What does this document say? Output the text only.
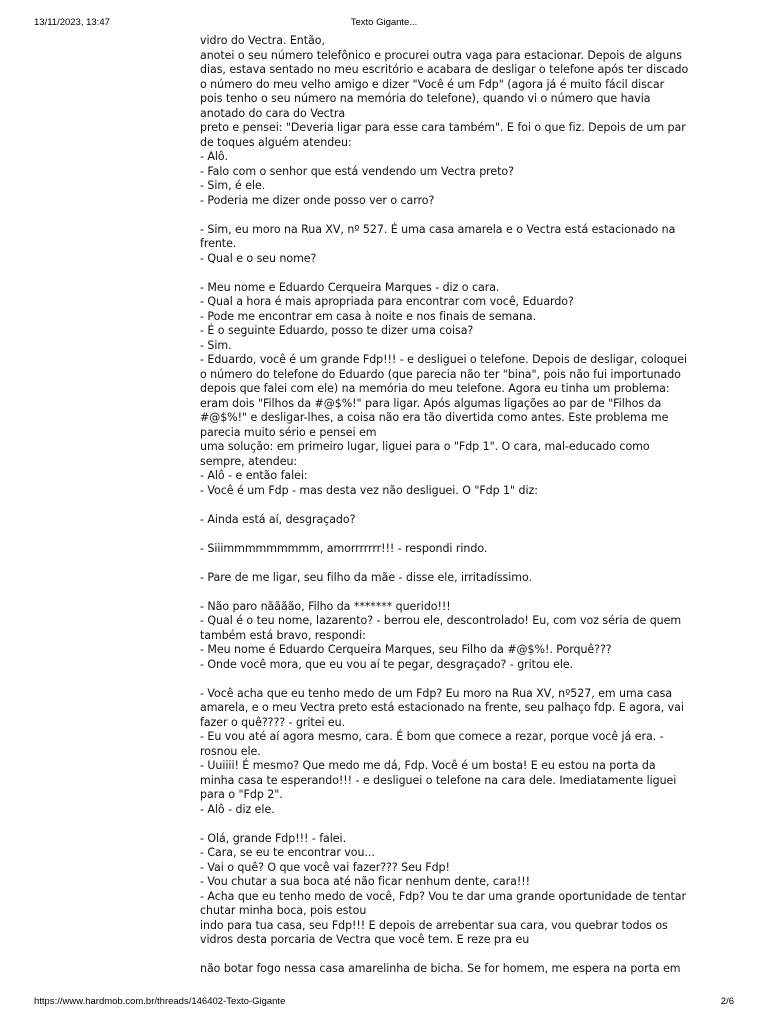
13/11/2023, 13:47	Texto Gigante...
vidro do Vectra. Então,
anotei o seu número telefônico e procurei outra vaga para estacionar. Depois de alguns
dias, estava sentado no meu escritório e acabara de desligar o telefone após ter discado
o número do meu velho amigo e dizer "Você é um Fdp" (agora já é muito fácil discar
pois tenho o seu número na memória do telefone), quando vi o número que havia
anotado do cara do Vectra
preto e pensei: "Deveria ligar para esse cara também". E foi o que fiz. Depois de um par
de toques alguém atendeu:
- Alô.
- Falo com o senhor que está vendendo um Vectra preto?
- Sim, é ele.
- Poderia me dizer onde posso ver o carro?
- Sim, eu moro na Rua XV, nº 527. É uma casa amarela e o Vectra está estacionado na
frente.
- Qual e o seu nome?
- Meu nome e Eduardo Cerqueira Marques - diz o cara.
- Qual a hora é mais apropriada para encontrar com você, Eduardo?
- Pode me encontrar em casa à noite e nos finais de semana.
- É o seguinte Eduardo, posso te dizer uma coisa?
- Sim.
- Eduardo, você é um grande Fdp!!! - e desliguei o telefone. Depois de desligar, coloquei
o número do telefone do Eduardo (que parecia não ter "bina", pois não fui importunado
depois que falei com ele) na memória do meu telefone. Agora eu tinha um problema:
eram dois "Filhos da #@$%!" para ligar. Após algumas ligações ao par de "Filhos da
#@$%!" e desligar-lhes, a coisa não era tão divertida como antes. Este problema me
parecia muito sério e pensei em
uma solução: em primeiro lugar, liguei para o "Fdp 1". O cara, mal-educado como
sempre, atendeu:
- Alô - e então falei:
- Você é um Fdp - mas desta vez não desliguei. O "Fdp 1" diz:
- Ainda está aí, desgraçado?
- Siiimmmmmmmmm, amorrrrrrr!!! - respondi rindo.
- Pare de me ligar, seu filho da mãe - disse ele, irritadíssimo.
- Não paro nãããão, Filho da ******* querido!!!
- Qual é o teu nome, lazarento? - berrou ele, descontrolado! Eu, com voz séria de quem
também está bravo, respondi:
- Meu nome é Eduardo Cerqueira Marques, seu Filho da #@$%!. Porquê???
- Onde você mora, que eu vou aí te pegar, desgraçado? - gritou ele.
- Você acha que eu tenho medo de um Fdp? Eu moro na Rua XV, nº527, em uma casa
amarela, e o meu Vectra preto está estacionado na frente, seu palhaço fdp. E agora, vai
fazer o quê???? - gritei eu.
- Eu vou até aí agora mesmo, cara. É bom que comece a rezar, porque você já era. -
rosnou ele.
- Uuiiii! É mesmo? Que medo me dá, Fdp. Você é um bosta! E eu estou na porta da
minha casa te esperando!!! - e desliguei o telefone na cara dele. Imediatamente liguei
para o "Fdp 2".
- Alô - diz ele.
- Olá, grande Fdp!!! - falei.
- Cara, se eu te encontrar vou...
- Vai o quê? O que você vai fazer??? Seu Fdp!
- Vou chutar a sua boca até não ficar nenhum dente, cara!!!
- Acha que eu tenho medo de você, Fdp? Vou te dar uma grande oportunidade de tentar
chutar minha boca, pois estou
indo para tua casa, seu Fdp!!! E depois de arrebentar sua cara, vou quebrar todos os
vidros desta porcaria de Vectra que você tem. E reze pra eu
não botar fogo nessa casa amarelinha de bicha. Se for homem, me espera na porta em
https://www.hardmob.com.br/threads/146402-Texto-Gigante	2/6
